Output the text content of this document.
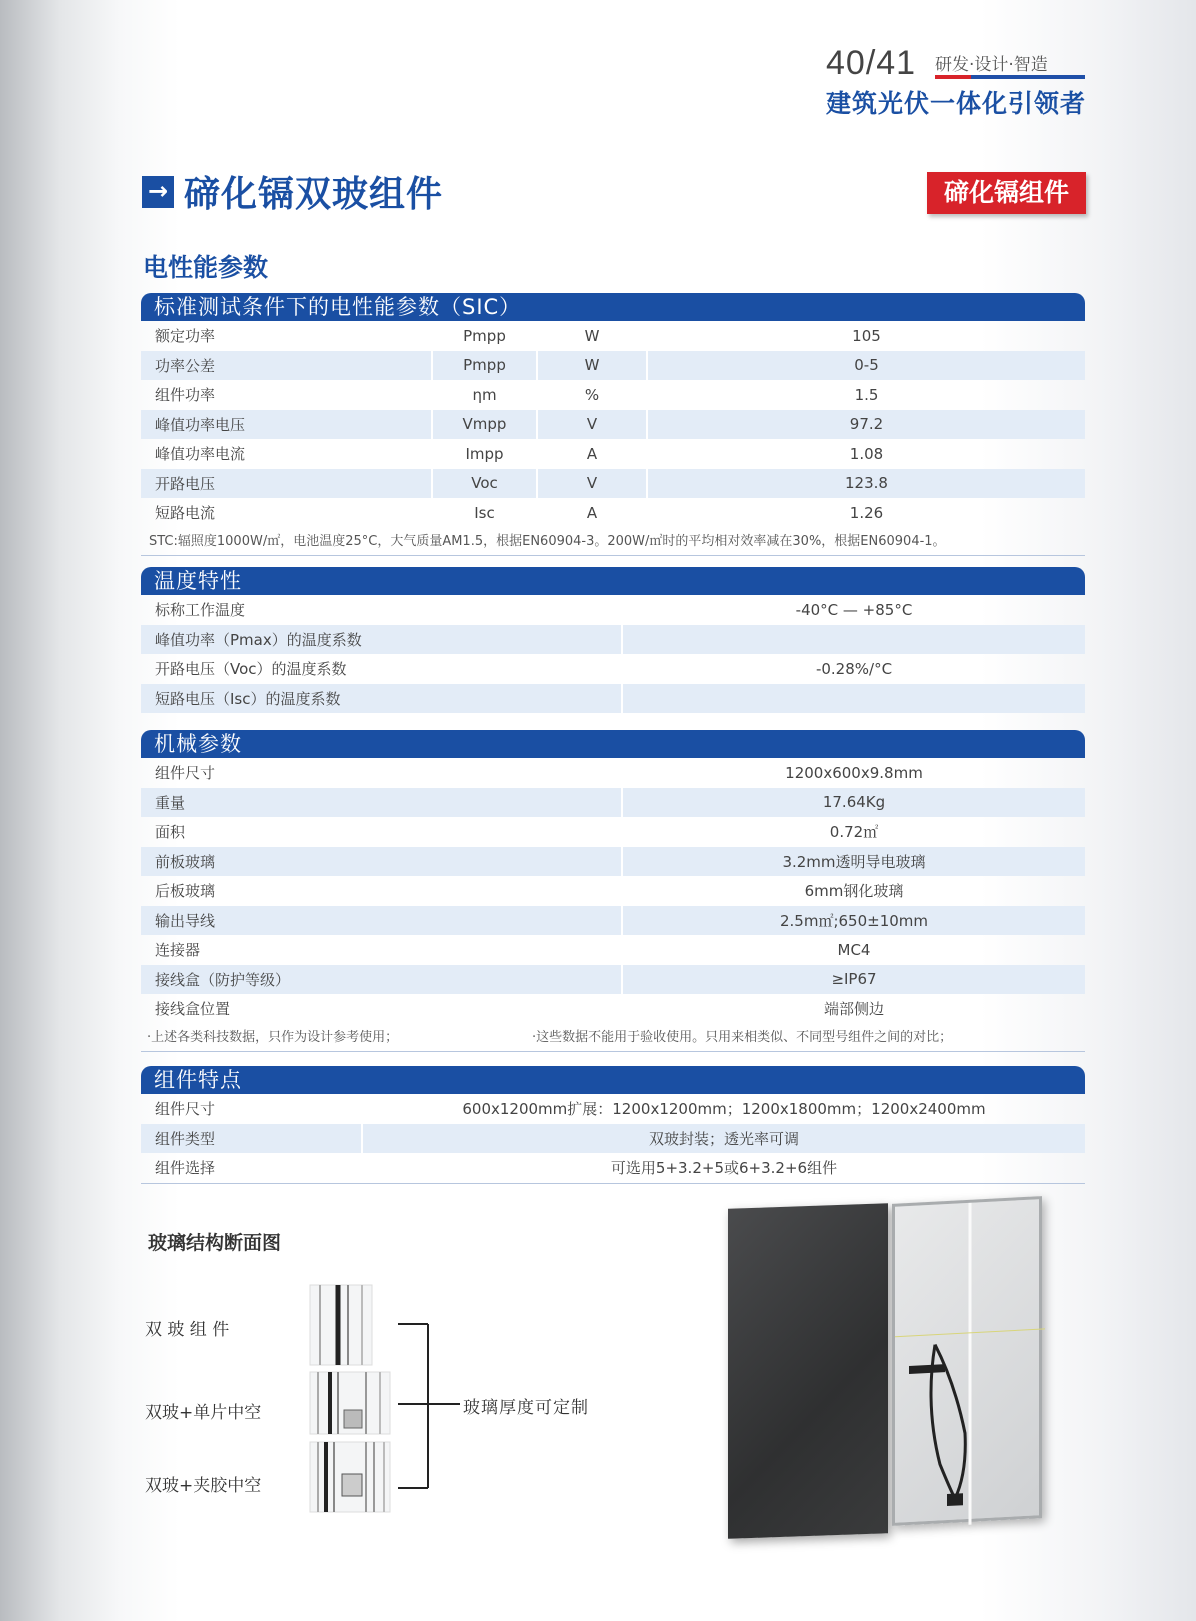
40/41 研发·设计·智造
建筑光伏一体化引领者
→ 碲化镉双玻组件	碲化镉组件
电性能参数
标准测试条件下的电性能参数（SIC）
额定功率	Pmpp	W	105
功率公差	Pmpp	W	0-5
组件功率	ηm	%	1.5
峰值功率电压	Vmpp	V	97.2
峰值功率电流	Impp	A	1.08
开路电压	Voc	V	123.8
短路电流	Isc	A	1.26
STC:辐照度1000W/㎡，电池温度25°C，大气质量AM1.5，根据EN60904-3。200W/㎡时的平均相对效率减在30%，根据EN60904-1。
温度特性
标称工作温度	-40°C — +85°C
峰值功率（Pmax）的温度系数
开路电压（Voc）的温度系数	-0.28%/°C
短路电压（Isc）的温度系数
机械参数
组件尺寸	1200x600x9.8mm
重量	17.64Kg
面积	0.72㎡
前板玻璃	3.2mm透明导电玻璃
后板玻璃	6mm钢化玻璃
输出导线	2.5m㎡;650±10mm
连接器	MC4
接线盒（防护等级）	≥IP67
接线盒位置	端部侧边
·上述各类科技数据，只作为设计参考使用；	·这些数据不能用于验收使用。只用来相类似、不同型号组件之间的对比；
组件特点
组件尺寸	600x1200mm扩展：1200x1200mm；1200x1800mm；1200x2400mm
组件类型	双玻封装；透光率可调
组件选择	可选用5+3.2+5或6+3.2+6组件
玻璃结构断面图
双 玻 组 件
双玻+单片中空
双玻+夹胶中空
玻璃厚度可定制
